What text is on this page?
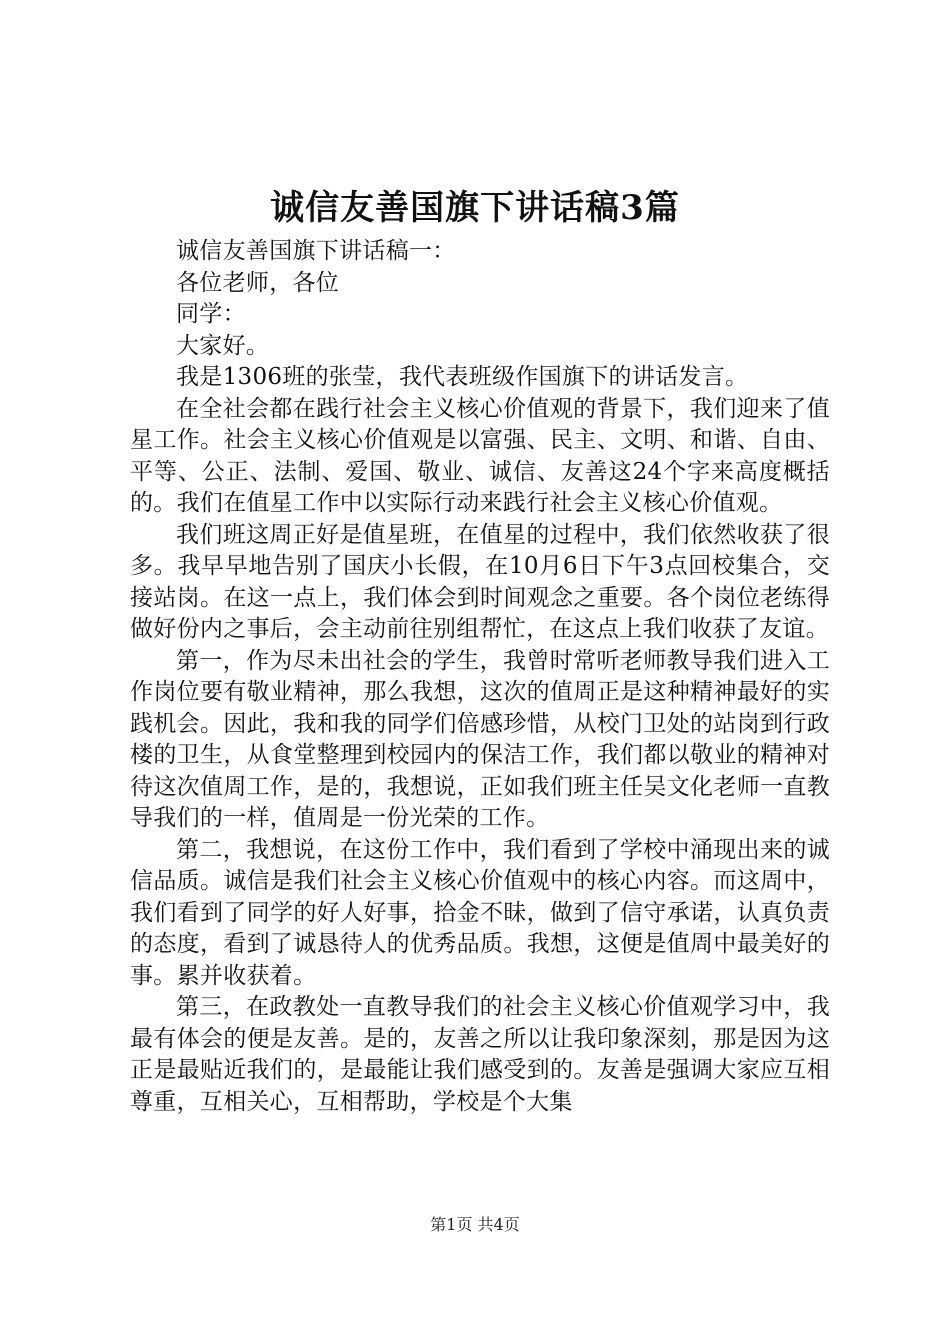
诚信友善国旗下讲话稿3篇

诚信友善国旗下讲话稿一：

各位老师，各位

同学：

大家好。

我是1306班的张莹，我代表班级作国旗下的讲话发言。

在全社会都在践行社会主义核心价值观的背景下，我们迎来了值星工作。社会主义核心价值观是以富强、民主、文明、和谐、自由、平等、公正、法制、爱国、敬业、诚信、友善这24个字来高度概括的。我们在值星工作中以实际行动来践行社会主义核心价值观。

我们班这周正好是值星班，在值星的过程中，我们依然收获了很多。我早早地告别了国庆小长假，在10月6日下午3点回校集合，交接站岗。在这一点上，我们体会到时间观念之重要。各个岗位老练得做好份内之事后，会主动前往别组帮忙，在这点上我们收获了友谊。

第一，作为尽未出社会的学生，我曾时常听老师教导我们进入工作岗位要有敬业精神，那么我想，这次的值周正是这种精神最好的实践机会。因此，我和我的同学们倍感珍惜，从校门卫处的站岗到行政楼的卫生，从食堂整理到校园内的保洁工作，我们都以敬业的精神对待这次值周工作，是的，我想说，正如我们班主任吴文化老师一直教导我们的一样，值周是一份光荣的工作。

第二，我想说，在这份工作中，我们看到了学校中涌现出来的诚信品质。诚信是我们社会主义核心价值观中的核心内容。而这周中，我们看到了同学的好人好事，拾金不昧，做到了信守承诺，认真负责的态度，看到了诚恳待人的优秀品质。我想，这便是值周中最美好的事。累并收获着。

第三，在政教处一直教导我们的社会主义核心价值观学习中，我最有体会的便是友善。是的，友善之所以让我印象深刻，那是因为这正是最贴近我们的，是最能让我们感受到的。友善是强调大家应互相尊重，互相关心，互相帮助，学校是个大集

第1页 共4页
